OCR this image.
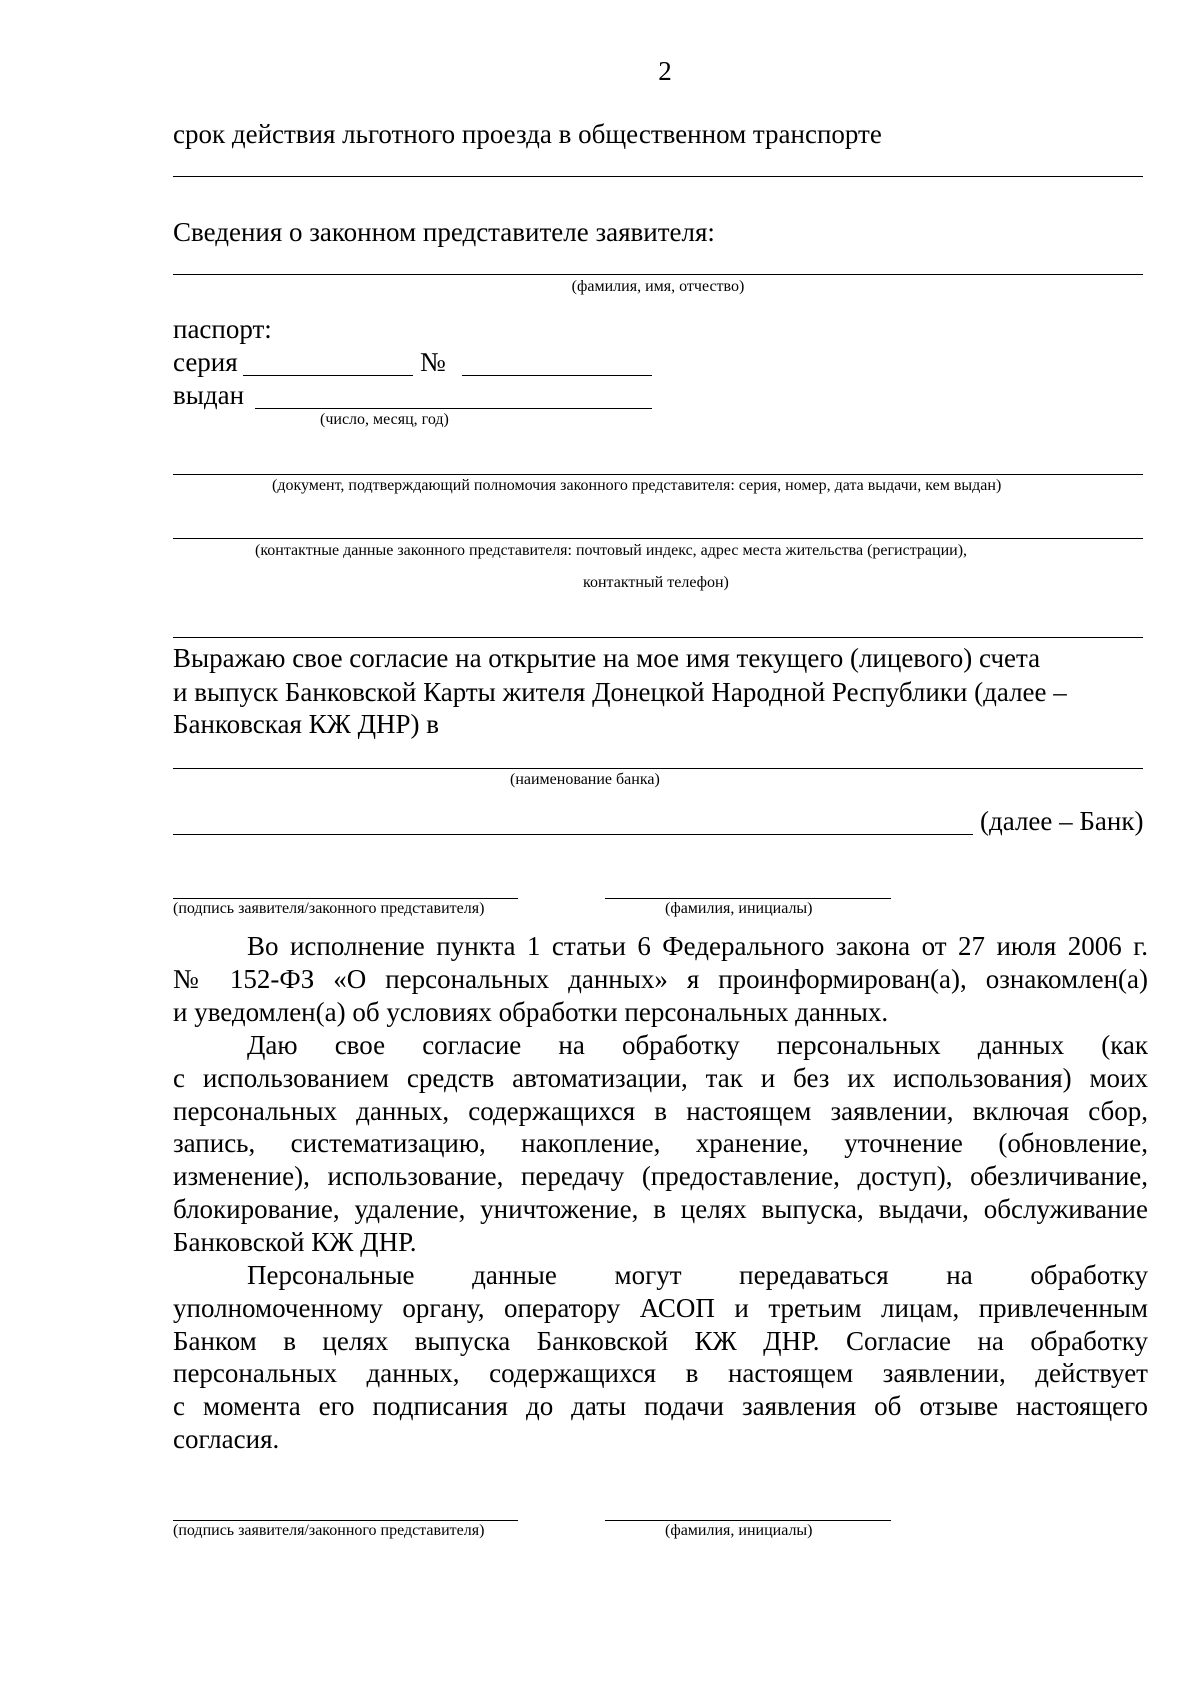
2
срок действия льготного проезда в общественном транспорте
Сведения о законном представителе заявителя:
(фамилия, имя, отчество)
паспорт:
серия	№
выдан
(число, месяц, год)
(документ, подтверждающий полномочия законного представителя: серия, номер, дата выдачи, кем выдан)
(контактные данные законного представителя: почтовый индекс, адрес места жительства (регистрации),
контактный телефон)
Выражаю свое согласие на открытие на мое имя текущего (лицевого) счета
и выпуск Банковской Карты жителя Донецкой Народной Республики (далее –
Банковская КЖ ДНР) в
(наименование банка)
(далее – Банк)
(подпись заявителя/законного представителя)	(фамилия, инициалы)
Во исполнение пункта 1 статьи 6 Федерального закона от 27 июля 2006 г.
№ 152-ФЗ «О персональных данных» я проинформирован(а), ознакомлен(а)
и уведомлен(а) об условиях обработки персональных данных.
Даю свое согласие на обработку персональных данных (как
с использованием средств автоматизации, так и без их использования) моих
персональных данных, содержащихся в настоящем заявлении, включая сбор,
запись, систематизацию, накопление, хранение, уточнение (обновление,
изменение), использование, передачу (предоставление, доступ), обезличивание,
блокирование, удаление, уничтожение, в целях выпуска, выдачи, обслуживание
Банковской КЖ ДНР.
Персональные данные могут передаваться на обработку
уполномоченному органу, оператору АСОП и третьим лицам, привлеченным
Банком в целях выпуска Банковской КЖ ДНР. Согласие на обработку
персональных данных, содержащихся в настоящем заявлении, действует
с момента его подписания до даты подачи заявления об отзыве настоящего
согласия.
(подпись заявителя/законного представителя)	(фамилия, инициалы)
